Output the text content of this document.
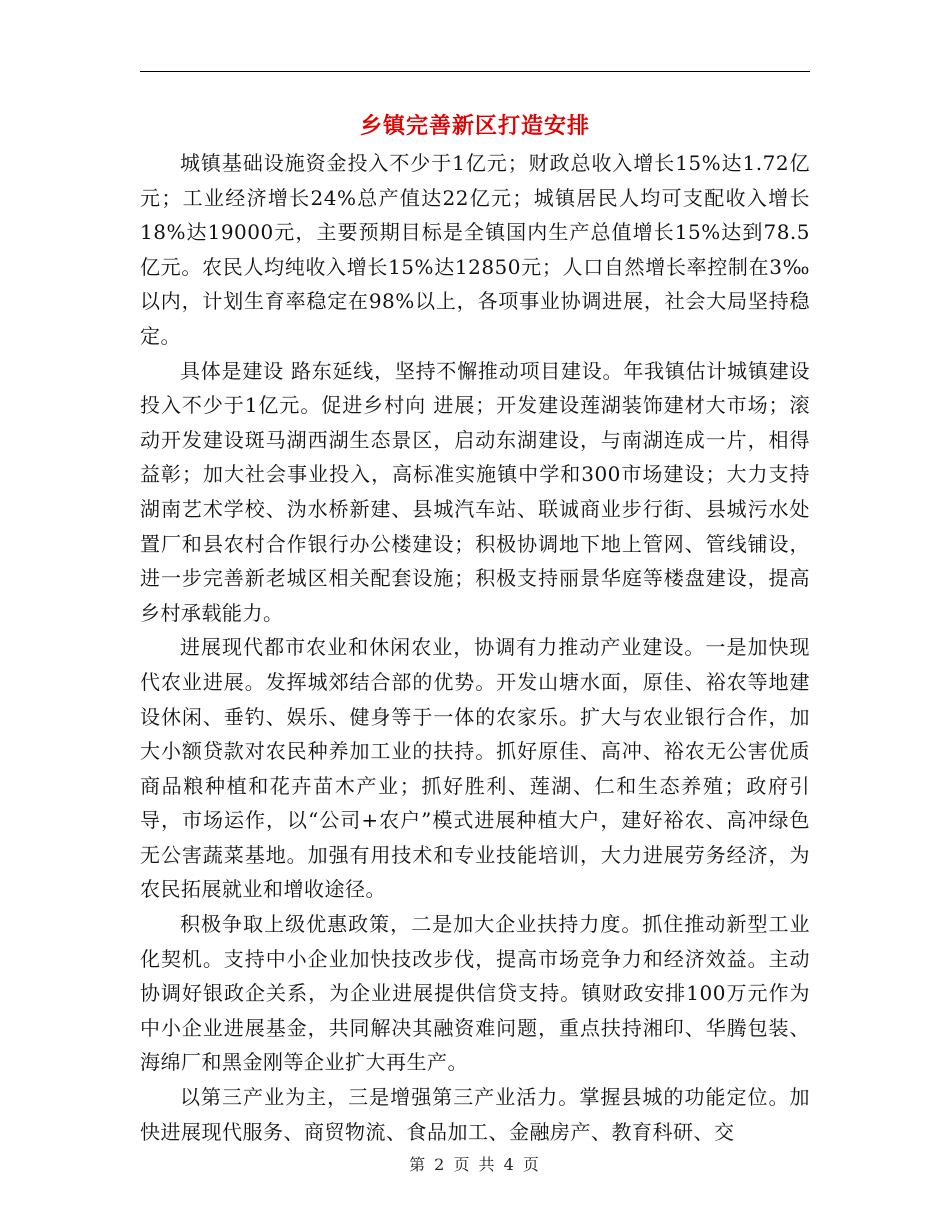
乡镇完善新区打造安排

城镇基础设施资金投入不少于1亿元；财政总收入增长15%达1.72亿元；工业经济增长24%总产值达22亿元；城镇居民人均可支配收入增长18%达19000元，主要预期目标是全镇国内生产总值增长15%达到78.5亿元。农民人均纯收入增长15%达12850元；人口自然增长率控制在3‰以内，计划生育率稳定在98%以上，各项事业协调进展，社会大局坚持稳定。

具体是建设 路东延线，坚持不懈推动项目建设。年我镇估计城镇建设投入不少于1亿元。促进乡村向 进展；开发建设莲湖装饰建材大市场；滚动开发建设斑马湖西湖生态景区，启动东湖建设，与南湖连成一片，相得益彰；加大社会事业投入，高标准实施镇中学和300市场建设；大力支持湖南艺术学校、沩水桥新建、县城汽车站、联诚商业步行街、县城污水处置厂和县农村合作银行办公楼建设；积极协调地下地上管网、管线铺设，进一步完善新老城区相关配套设施；积极支持丽景华庭等楼盘建设，提高乡村承载能力。

进展现代都市农业和休闲农业，协调有力推动产业建设。一是加快现代农业进展。发挥城郊结合部的优势。开发山塘水面，原佳、裕农等地建设休闲、垂钓、娱乐、健身等于一体的农家乐。扩大与农业银行合作，加大小额贷款对农民种养加工业的扶持。抓好原佳、高冲、裕农无公害优质商品粮种植和花卉苗木产业；抓好胜利、莲湖、仁和生态养殖；政府引导，市场运作，以“公司+农户”模式进展种植大户，建好裕农、高冲绿色无公害蔬菜基地。加强有用技术和专业技能培训，大力进展劳务经济，为农民拓展就业和增收途径。

积极争取上级优惠政策，二是加大企业扶持力度。抓住推动新型工业化契机。支持中小企业加快技改步伐，提高市场竞争力和经济效益。主动协调好银政企关系，为企业进展提供信贷支持。镇财政安排100万元作为中小企业进展基金，共同解决其融资难问题，重点扶持湘印、华腾包装、海绵厂和黑金刚等企业扩大再生产。

以第三产业为主，三是增强第三产业活力。掌握县城的功能定位。加快进展现代服务、商贸物流、食品加工、金融房产、教育科研、交

第 2 页 共 4 页
